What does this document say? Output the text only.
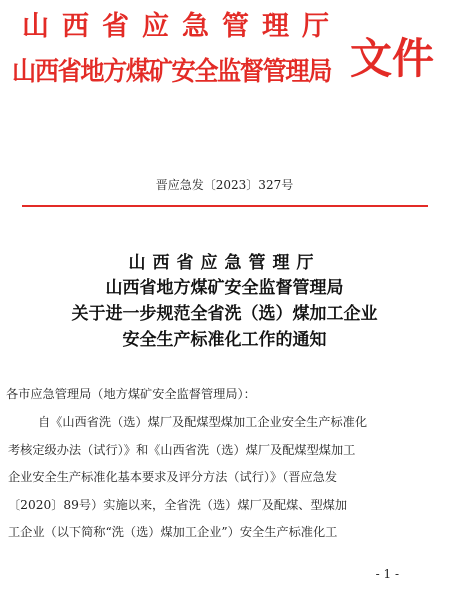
山西省应急管理厅
山西省地方煤矿安全监督管理局 文件
晋应急发〔2023〕327号
山西省应急管理厅
山西省地方煤矿安全监督管理局
关于进一步规范全省洗（选）煤加工企业
安全生产标准化工作的通知
各市应急管理局（地方煤矿安全监督管理局）：
自《山西省洗（选）煤厂及配煤型煤加工企业安全生产标准化
考核定级办法（试行）》和《山西省洗（选）煤厂及配煤型煤加工
企业安全生产标准化基本要求及评分方法（试行）》（晋应急发
〔2020〕89号）实施以来，全省洗（选）煤厂及配煤、型煤加
工企业（以下简称“洗（选）煤加工企业”）安全生产标准化工
- 1 -
